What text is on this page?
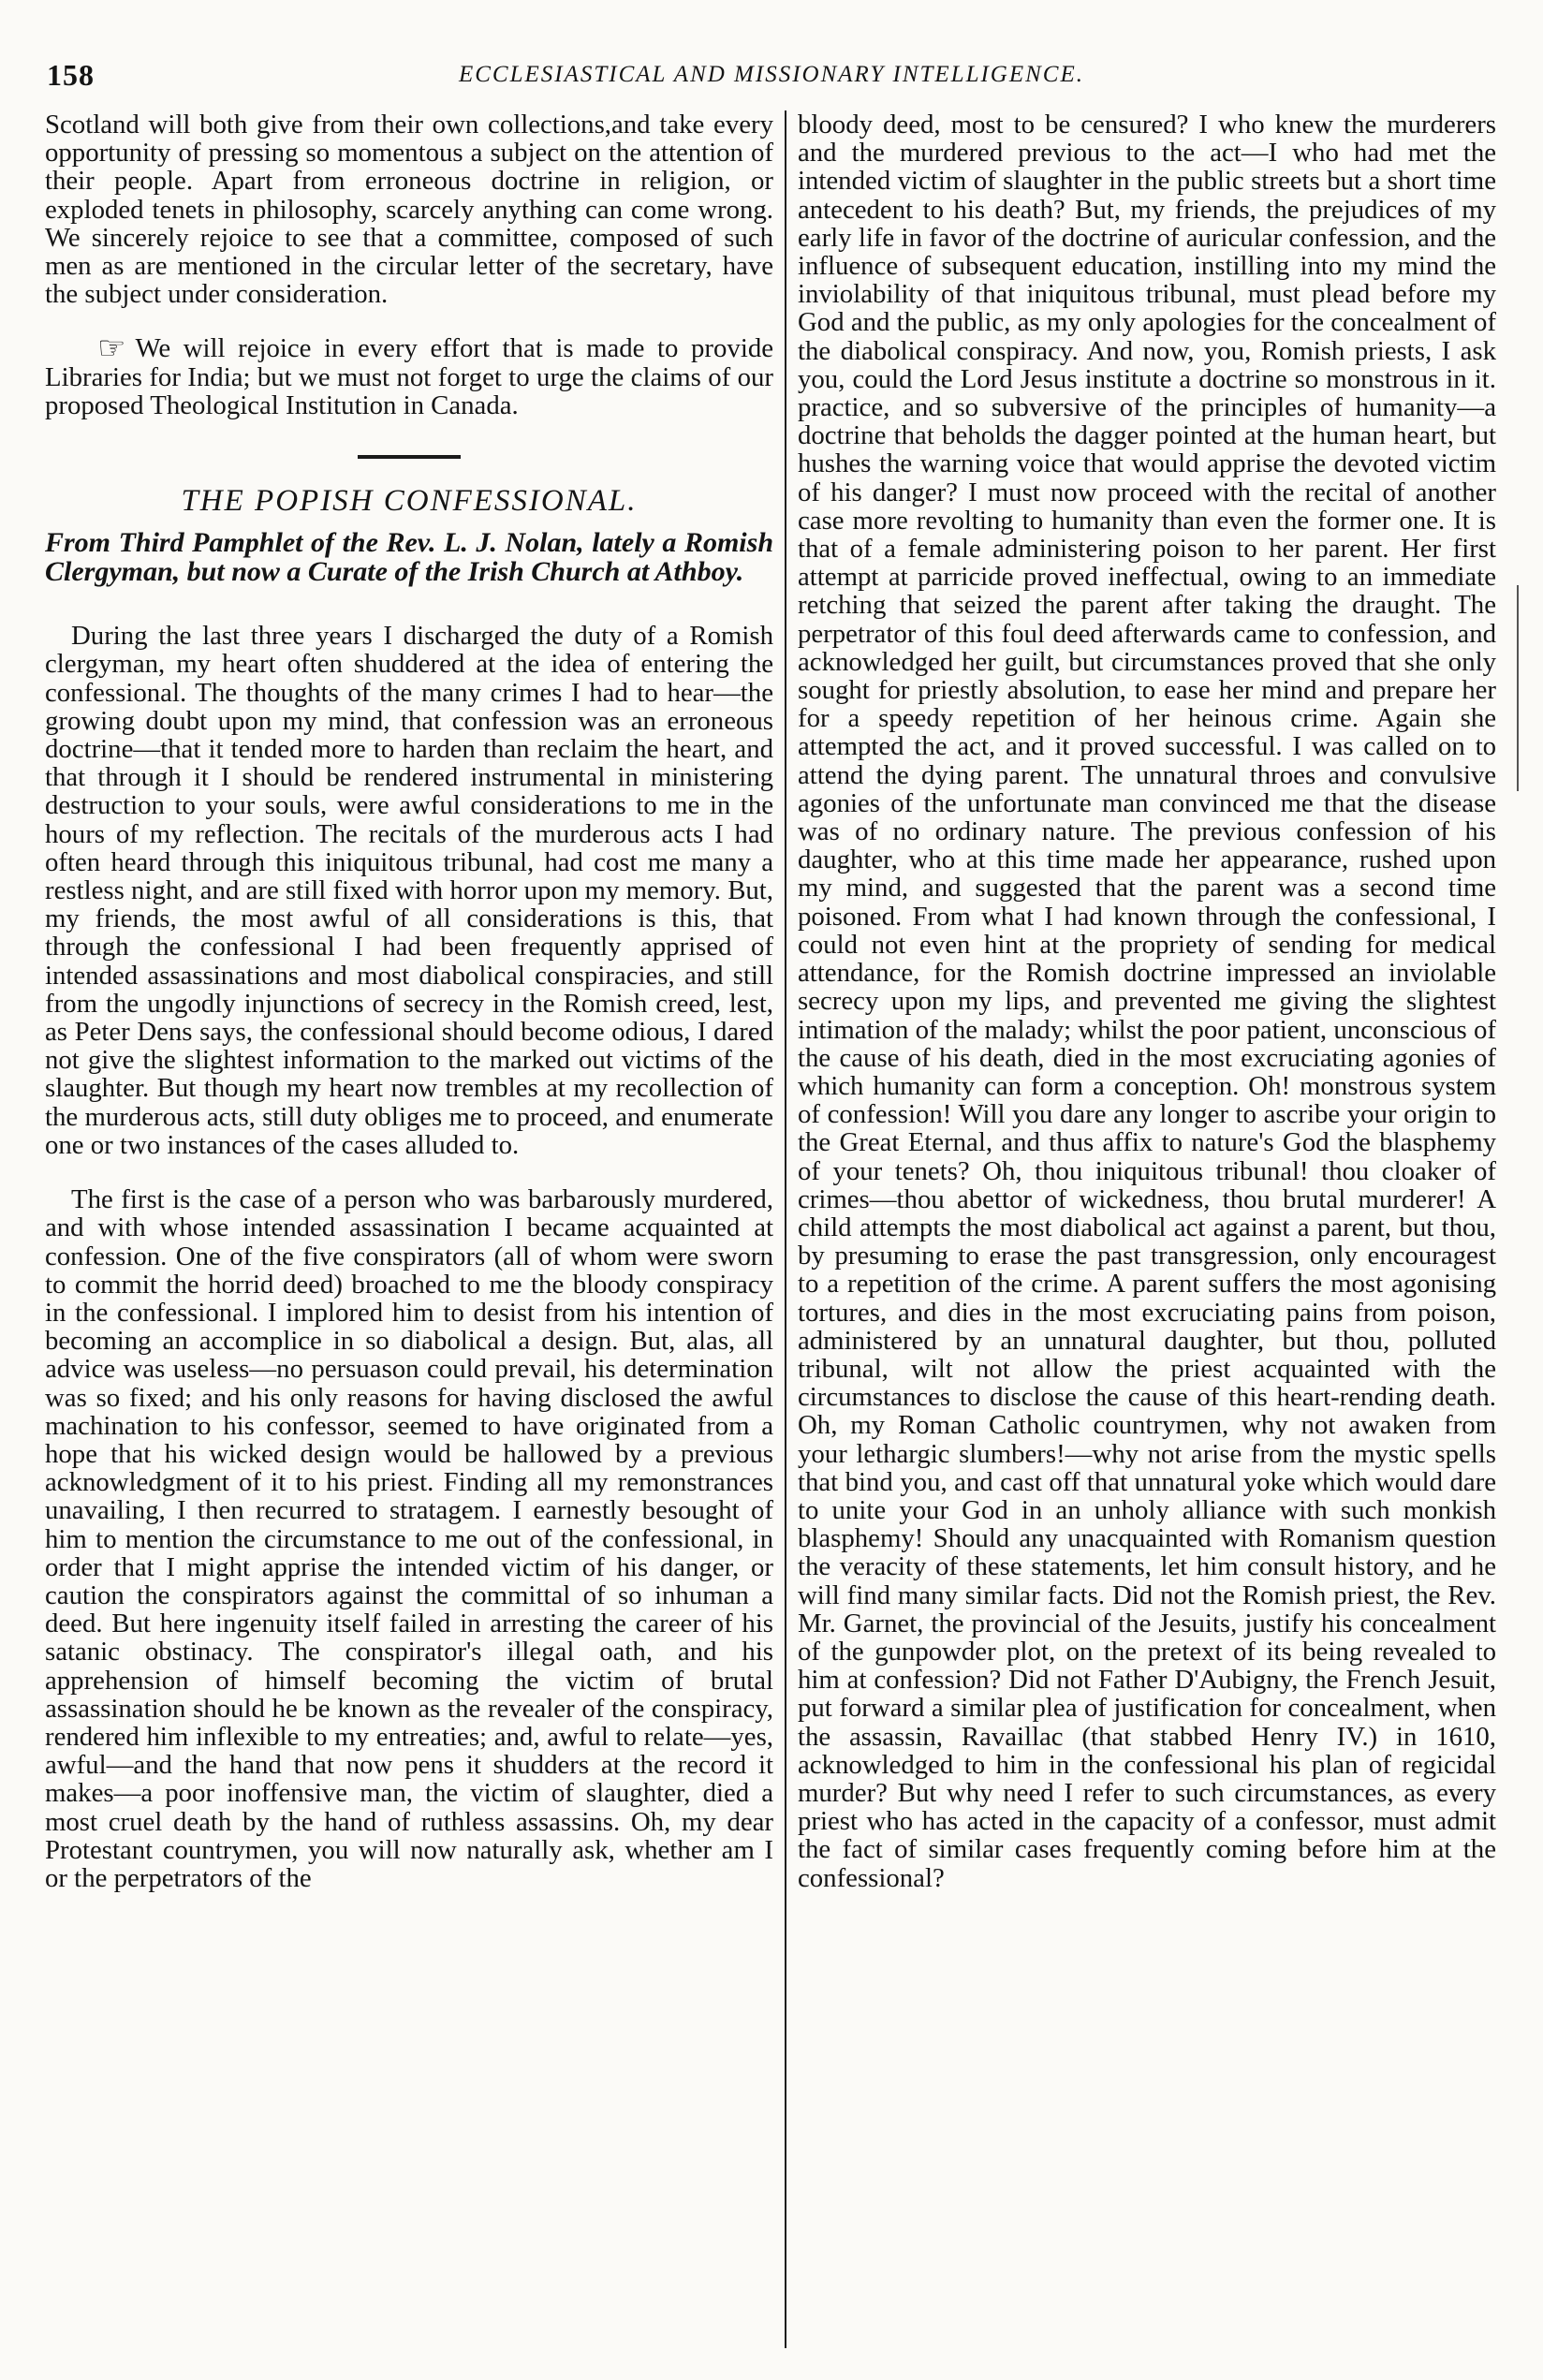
158	ECCLESIASTICAL AND MISSIONARY INTELLIGENCE.

Scotland will both give from their own collections,and take every opportunity of pressing so momentous a subject on the attention of their people. Apart from erroneous doctrine in religion, or exploded tenets in philosophy, scarcely anything can come wrong. We sincerely rejoice to see that a committee, composed of such men as are mentioned in the circular letter of the secretary, have the subject under consideration.

☞ We will rejoice in every effort that is made to provide Libraries for India; but we must not forget to urge the claims of our proposed Theological Institution in Canada.

THE POPISH CONFESSIONAL.

From Third Pamphlet of the Rev. L. J. Nolan, lately a Romish Clergyman, but now a Curate of the Irish Church at Athboy.

During the last three years I discharged the duty of a Romish clergyman, my heart often shuddered at the idea of entering the confessional. The thoughts of the many crimes I had to hear—the growing doubt upon my mind, that confession was an erroneous doctrine—that it tended more to harden than reclaim the heart, and that through it I should be rendered instrumental in ministering destruction to your souls, were awful considerations to me in the hours of my reflection. The recitals of the murderous acts I had often heard through this iniquitous tribunal, had cost me many a restless night, and are still fixed with horror upon my memory. But, my friends, the most awful of all considerations is this, that through the confessional I had been frequently apprised of intended assassinations and most diabolical conspiracies, and still from the ungodly injunctions of secrecy in the Romish creed, lest, as Peter Dens says, the confessional should become odious, I dared not give the slightest information to the marked out victims of the slaughter. But though my heart now trembles at my recollection of the murderous acts, still duty obliges me to proceed, and enumerate one or two instances of the cases alluded to.

The first is the case of a person who was barbarously murdered, and with whose intended assassination I became acquainted at confession. One of the five conspirators (all of whom were sworn to commit the horrid deed) broached to me the bloody conspiracy in the confessional. I implored him to desist from his intention of becoming an accomplice in so diabolical a design. But, alas, all advice was useless—no persuason could prevail, his determination was so fixed; and his only reasons for having disclosed the awful machination to his confessor, seemed to have originated from a hope that his wicked design would be hallowed by a previous acknowledgment of it to his priest. Finding all my remonstrances unavailing, I then recurred to stratagem. I earnestly besought of him to mention the circumstance to me out of the confessional, in order that I might apprise the intended victim of his danger, or caution the conspirators against the committal of so inhuman a deed. But here ingenuity itself failed in arresting the career of his satanic obstinacy. The conspirator's illegal oath, and his apprehension of himself becoming the victim of brutal assassination should he be known as the revealer of the conspiracy, rendered him inflexible to my entreaties; and, awful to relate—yes, awful—and the hand that now pens it shudders at the record it makes—a poor inoffensive man, the victim of slaughter, died a most cruel death by the hand of ruthless assassins. Oh, my dear Protestant countrymen, you will now naturally ask, whether am I or the perpetrators of the

bloody deed, most to be censured? I who knew the murderers and the murdered previous to the act—I who had met the intended victim of slaughter in the public streets but a short time antecedent to his death? But, my friends, the prejudices of my early life in favor of the doctrine of auricular confession, and the influence of subsequent education, instilling into my mind the inviolability of that iniquitous tribunal, must plead before my God and the public, as my only apologies for the concealment of the diabolical conspiracy. And now, you, Romish priests, I ask you, could the Lord Jesus institute a doctrine so monstrous in it. practice, and so subversive of the principles of humanity—a doctrine that beholds the dagger pointed at the human heart, but hushes the warning voice that would apprise the devoted victim of his danger? I must now proceed with the recital of another case more revolting to humanity than even the former one. It is that of a female administering poison to her parent. Her first attempt at parricide proved ineffectual, owing to an immediate retching that seized the parent after taking the draught. The perpetrator of this foul deed afterwards came to confession, and acknowledged her guilt, but circumstances proved that she only sought for priestly absolution, to ease her mind and prepare her for a speedy repetition of her heinous crime. Again she attempted the act, and it proved successful. I was called on to attend the dying parent. The unnatural throes and convulsive agonies of the unfortunate man convinced me that the disease was of no ordinary nature. The previous confession of his daughter, who at this time made her appearance, rushed upon my mind, and suggested that the parent was a second time poisoned. From what I had known through the confessional, I could not even hint at the propriety of sending for medical attendance, for the Romish doctrine impressed an inviolable secrecy upon my lips, and prevented me giving the slightest intimation of the malady; whilst the poor patient, unconscious of the cause of his death, died in the most excruciating agonies of which humanity can form a conception. Oh! monstrous system of confession! Will you dare any longer to ascribe your origin to the Great Eternal, and thus affix to nature's God the blasphemy of your tenets? Oh, thou iniquitous tribunal! thou cloaker of crimes—thou abettor of wickedness, thou brutal murderer! A child attempts the most diabolical act against a parent, but thou, by presuming to erase the past transgression, only encouragest to a repetition of the crime. A parent suffers the most agonising tortures, and dies in the most excruciating pains from poison, administered by an unnatural daughter, but thou, polluted tribunal, wilt not allow the priest acquainted with the circumstances to disclose the cause of this heart-rending death. Oh, my Roman Catholic countrymen, why not awaken from your lethargic slumbers!—why not arise from the mystic spells that bind you, and cast off that unnatural yoke which would dare to unite your God in an unholy alliance with such monkish blasphemy! Should any unacquainted with Romanism question the veracity of these statements, let him consult history, and he will find many similar facts. Did not the Romish priest, the Rev. Mr. Garnet, the provincial of the Jesuits, justify his concealment of the gunpowder plot, on the pretext of its being revealed to him at confession? Did not Father D'Aubigny, the French Jesuit, put forward a similar plea of justification for concealment, when the assassin, Ravaillac (that stabbed Henry IV.) in 1610, acknowledged to him in the confessional his plan of regicidal murder? But why need I refer to such circumstances, as every priest who has acted in the capacity of a confessor, must admit the fact of similar cases frequently coming before him at the confessional?
